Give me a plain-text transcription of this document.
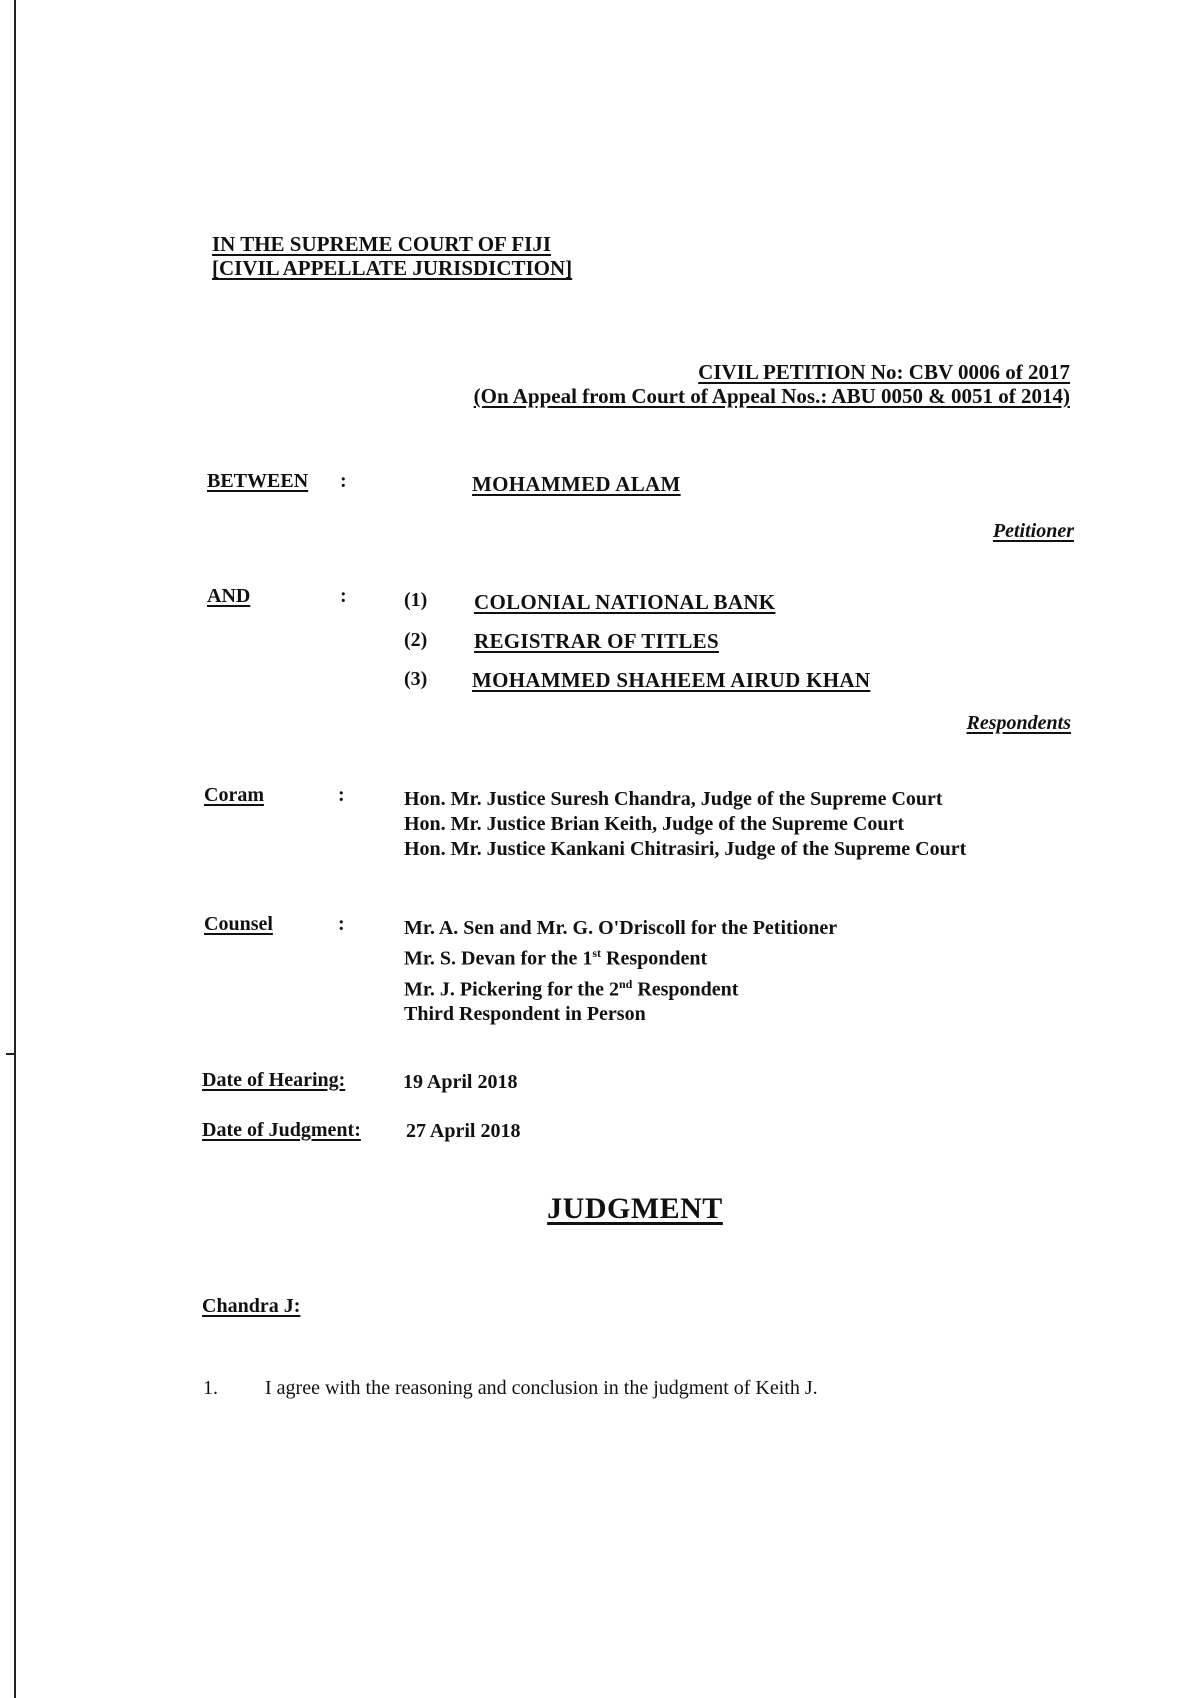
IN THE SUPREME COURT OF FIJI
[CIVIL APPELLATE JURISDICTION]
CIVIL PETITION No: CBV 0006 of 2017
(On Appeal from Court of Appeal Nos.: ABU 0050 & 0051 of 2014)
BETWEEN :	MOHAMMED ALAM
Petitioner
AND	:	(1) COLONIAL NATIONAL BANK
(2) REGISTRAR OF TITLES
(3) MOHAMMED SHAHEEM AIRUD KHAN
Respondents
Coram	:	Hon. Mr. Justice Suresh Chandra, Judge of the Supreme Court
Hon. Mr. Justice Brian Keith, Judge of the Supreme Court
Hon. Mr. Justice Kankani Chitrasiri, Judge of the Supreme Court
Counsel	:	Mr. A. Sen and Mr. G. O'Driscoll for the Petitioner
Mr. S. Devan for the 1st Respondent
Mr. J. Pickering for the 2nd Respondent
Third Respondent in Person
Date of Hearing:	19 April 2018
Date of Judgment: 27 April 2018
JUDGMENT
Chandra J:
1. I agree with the reasoning and conclusion in the judgment of Keith J.
